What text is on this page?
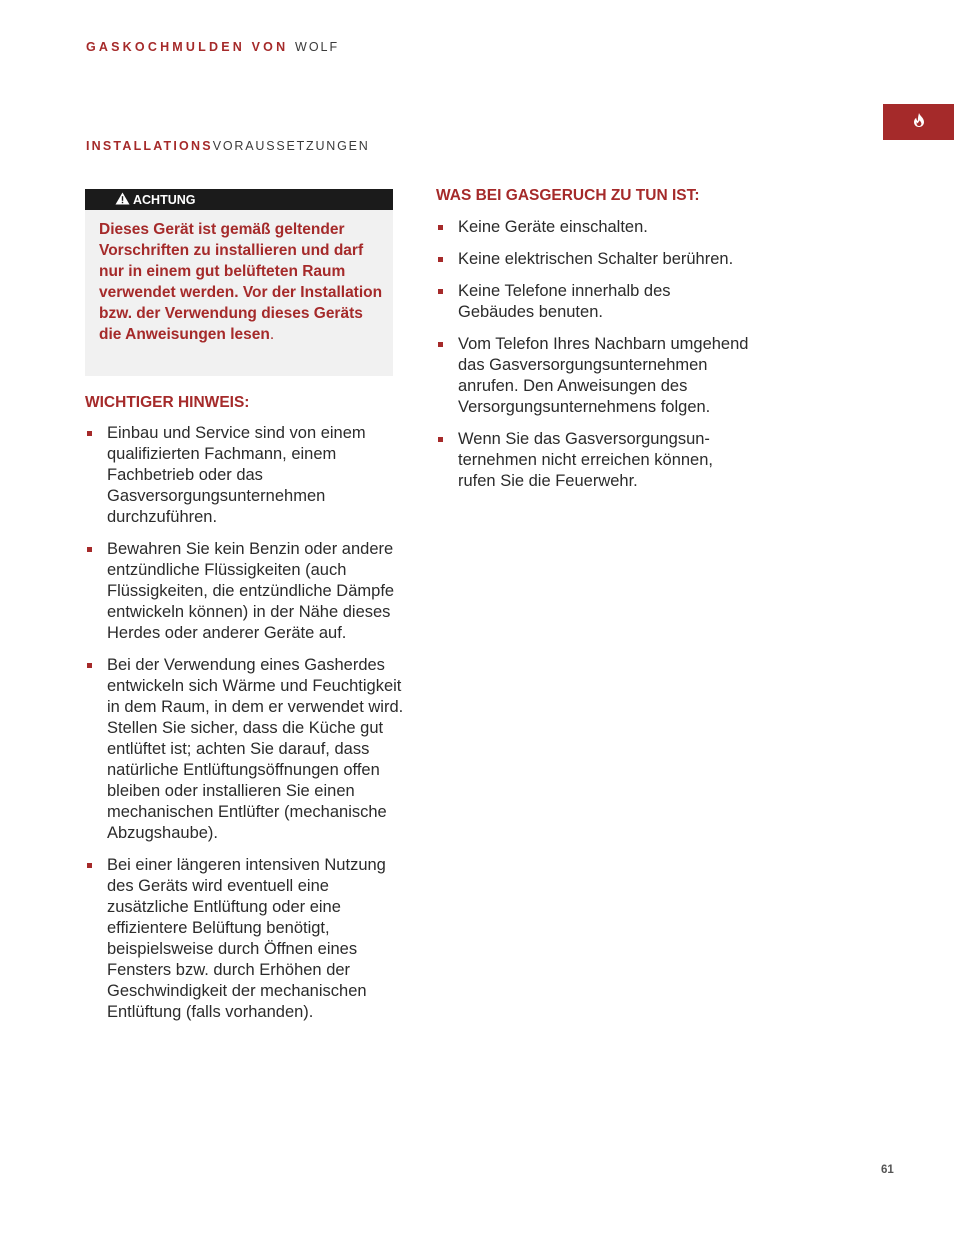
GASKOCHMULDEN VON WOLF
INSTALLATIONSVORAUSSETZUNGEN
ACHTUNG

Dieses Gerät ist gemäß geltender Vorschriften zu installieren und darf nur in einem gut belüfteten Raum verwendet werden. Vor der Installation bzw. der Verwendung dieses Geräts die Anweisungen lesen.

WICHTIGER HINWEIS:
Einbau und Service sind von einem qualifizierten Fachmann, einem Fachbetrieb oder das Gasversorgungsunternehmen durchzuführen.
Bewahren Sie kein Benzin oder andere entzündliche Flüssigkeiten (auch Flüssigkeiten, die entzündliche Dämpfe entwickeln können) in der Nähe dieses Herdes oder anderer Geräte auf.
Bei der Verwendung eines Gasherdes entwickeln sich Wärme und Feuchtigkeit in dem Raum, in dem er verwendet wird. Stellen Sie sicher, dass die Küche gut entlüftet ist; achten Sie darauf, dass natürliche Entlüftungsöffnungen offen bleiben oder installieren Sie einen mechanischen Entlüfter (mechanische Abzugshaube).
Bei einer längeren intensiven Nutzung des Geräts wird eventuell eine zusätzliche Entlüftung oder eine effizientere Belüftung benötigt, beispielsweise durch Öffnen eines Fensters bzw. durch Erhöhen der Geschwindigkeit der mechanischen Entlüftung (falls vorhanden).
WAS BEI GASGERUCH ZU TUN IST:
Keine Geräte einschalten.
Keine elektrischen Schalter berühren.
Keine Telefone innerhalb des Gebäudes benuten.
Vom Telefon Ihres Nachbarn umgehend das Gasversorgungsunternehmen anrufen. Den Anweisungen des Versorgungsunternehmens folgen.
Wenn Sie das Gasversorgungsunternehmen nicht erreichen können, rufen Sie die Feuerwehr.
61
